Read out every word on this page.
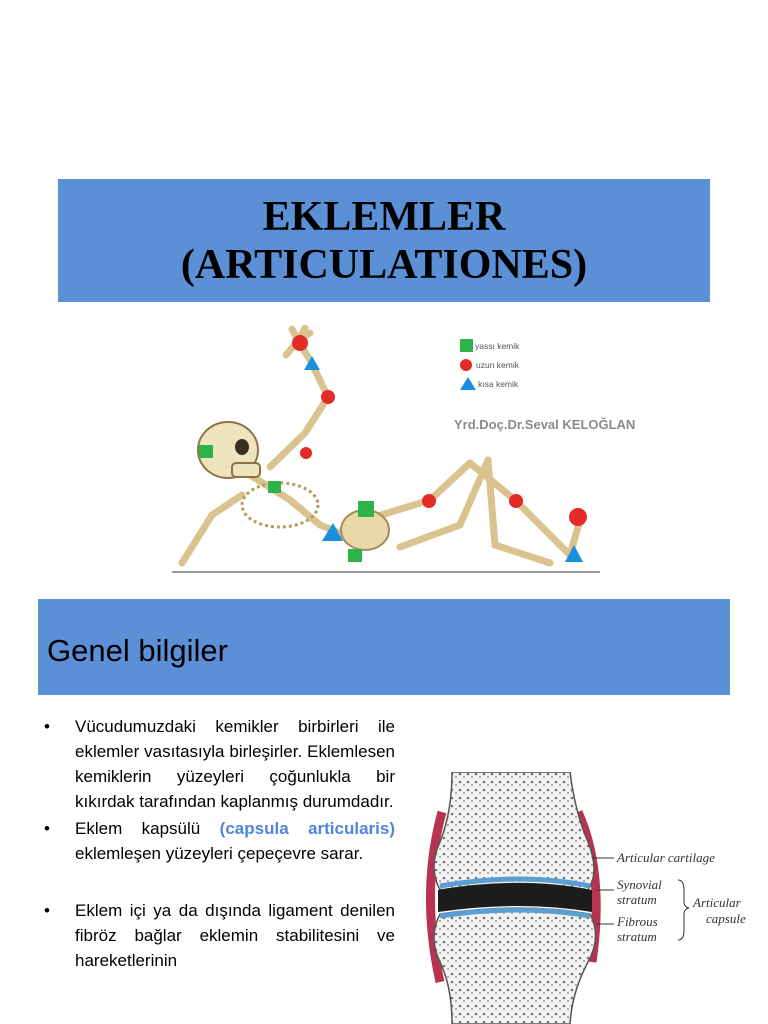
EKLEMLER
(ARTICULATIONES)
yassı kemik
uzun kemik
kısa kemik
Yrd.Doç.Dr.Seval KELOĞLAN
Genel bilgiler
• Vücudumuzdaki kemikler birbirleri ile eklemler vasıtasıyla birleşirler. Eklemlesen kemiklerin yüzeyleri çoğunlukla bir kıkırdak tarafından kaplanmış durumdadır.
• Eklem kapsülü (capsula articularis) eklemleşen yüzeyleri çepeçevre sarar.
• Eklem içi ya da dışında ligament denilen fibröz bağlar eklemin stabilitesini ve hareketlerinin
Articular cartilage
Synovial
stratum
Fibrous
stratum
Articular
capsule
